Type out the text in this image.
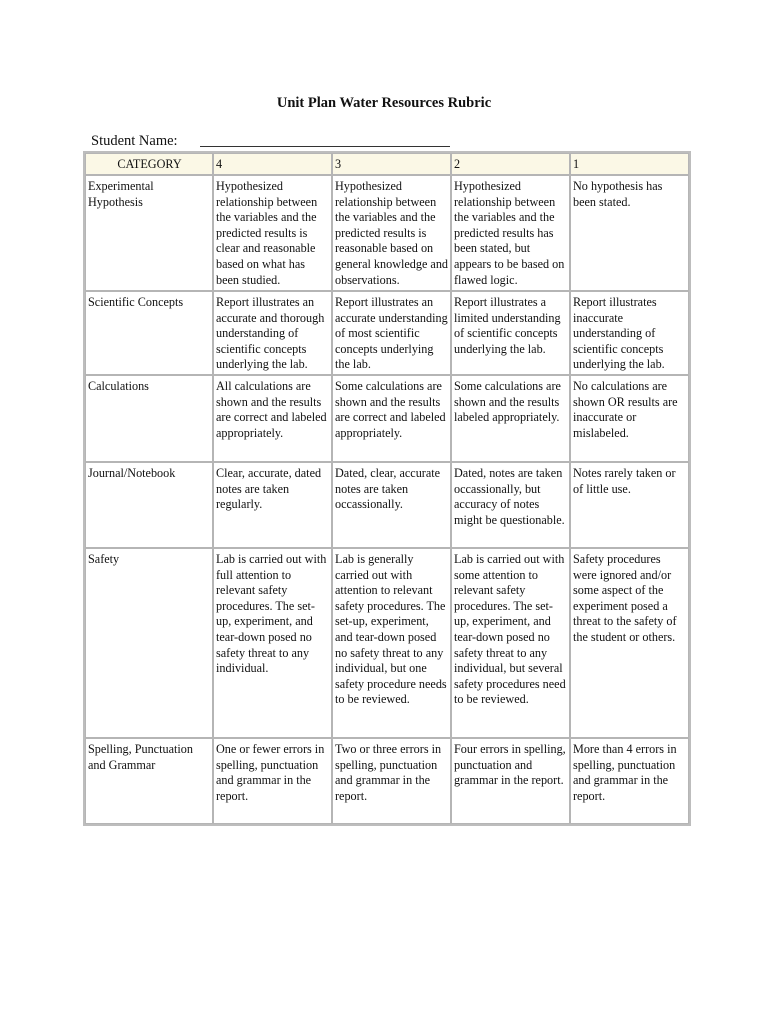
Unit Plan Water Resources Rubric
Student Name:
CATEGORY	4	3	2	1

Experimental Hypothesis	Hypothesized relationship between the variables and the predicted results is clear and reasonable based on what has been studied.	Hypothesized relationship between the variables and the predicted results is reasonable based on general knowledge and observations.	Hypothesized relationship between the variables and the predicted results has been stated, but appears to be based on flawed logic.	No hypothesis has been stated.

Scientific Concepts	Report illustrates an accurate and thorough understanding of scientific concepts underlying the lab.	Report illustrates an accurate understanding of most scientific concepts underlying the lab.	Report illustrates a limited understanding of scientific concepts underlying the lab.	Report illustrates inaccurate understanding of scientific concepts underlying the lab.

Calculations	All calculations are shown and the results are correct and labeled appropriately.	Some calculations are shown and the results are correct and labeled appropriately.	Some calculations are shown and the results labeled appropriately.	No calculations are shown OR results are inaccurate or mislabeled.

Journal/Notebook	Clear, accurate, dated notes are taken regularly.	Dated, clear, accurate notes are taken occassionally.	Dated, notes are taken occassionally, but accuracy of notes might be questionable.	Notes rarely taken or of little use.

Safety	Lab is carried out with full attention to relevant safety procedures. The set-up, experiment, and tear-down posed no safety threat to any individual.	Lab is generally carried out with attention to relevant safety procedures. The set-up, experiment, and tear-down posed no safety threat to any individual, but one safety procedure needs to be reviewed.	Lab is carried out with some attention to relevant safety procedures. The set-up, experiment, and tear-down posed no safety threat to any individual, but several safety procedures need to be reviewed.	Safety procedures were ignored and/or some aspect of the experiment posed a threat to the safety of the student or others.

Spelling, Punctuation and Grammar	One or fewer errors in spelling, punctuation and grammar in the report.	Two or three errors in spelling, punctuation and grammar in the report.	Four errors in spelling, punctuation and grammar in the report.	More than 4 errors in spelling, punctuation and grammar in the report.
